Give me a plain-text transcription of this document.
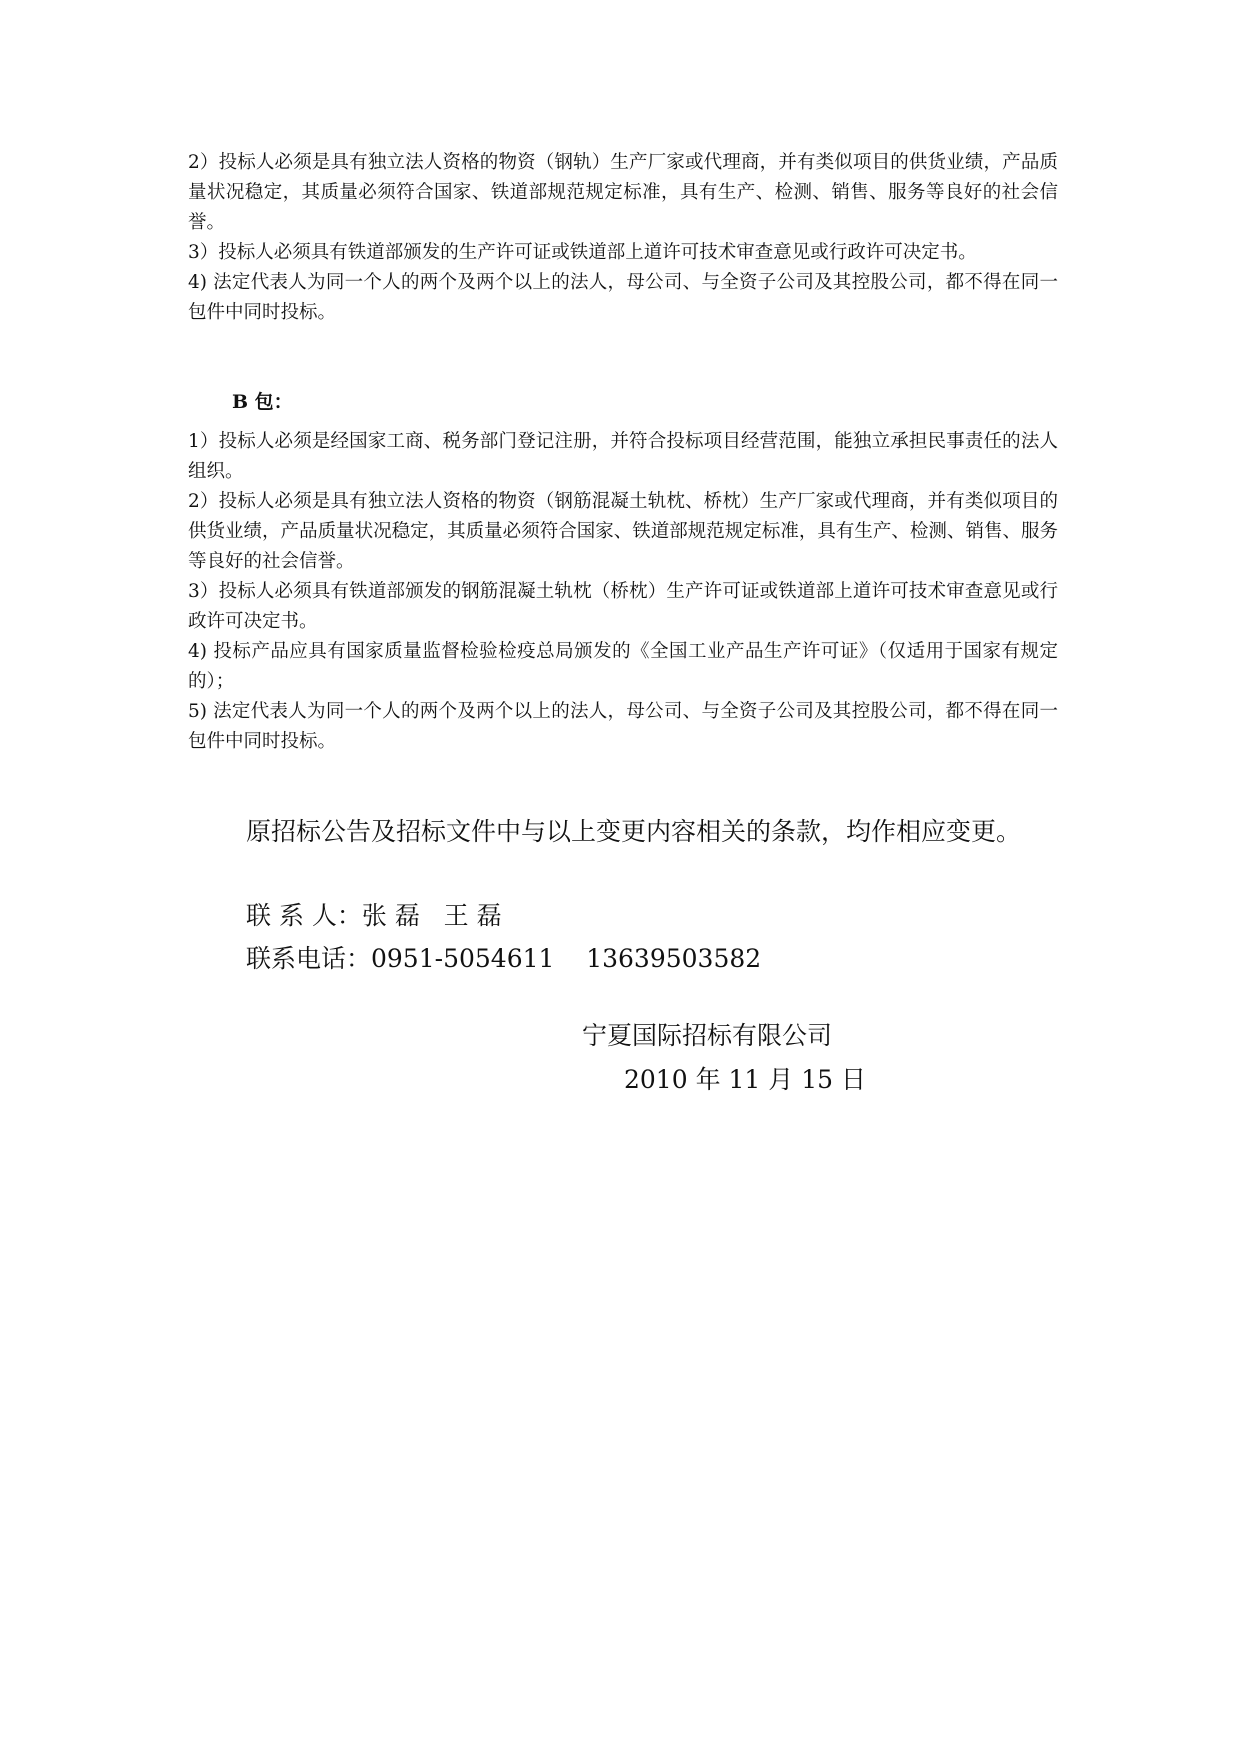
2）投标人必须是具有独立法人资格的物资（钢轨）生产厂家或代理商，并有类似项目的供货业绩，产品质量状况稳定，其质量必须符合国家、铁道部规范规定标准，具有生产、检测、销售、服务等良好的社会信誉。

3）投标人必须具有铁道部颁发的生产许可证或铁道部上道许可技术审查意见或行政许可决定书。

4) 法定代表人为同一个人的两个及两个以上的法人，母公司、与全资子公司及其控股公司，都不得在同一包件中同时投标。

B 包：

1）投标人必须是经国家工商、税务部门登记注册，并符合投标项目经营范围，能独立承担民事责任的法人组织。

2）投标人必须是具有独立法人资格的物资（钢筋混凝土轨枕、桥枕）生产厂家或代理商，并有类似项目的供货业绩，产品质量状况稳定，其质量必须符合国家、铁道部规范规定标准，具有生产、检测、销售、服务等良好的社会信誉。

3）投标人必须具有铁道部颁发的钢筋混凝土轨枕（桥枕）生产许可证或铁道部上道许可技术审查意见或行政许可决定书。

4) 投标产品应具有国家质量监督检验检疫总局颁发的《全国工业产品生产许可证》（仅适用于国家有规定的）；

5) 法定代表人为同一个人的两个及两个以上的法人，母公司、与全资子公司及其控股公司，都不得在同一包件中同时投标。

原招标公告及招标文件中与以上变更内容相关的条款，均作相应变更。
联 系 人：张 磊   王 磊
联系电话：0951-5054611    13639503582
宁夏国际招标有限公司
2010 年 11 月 15 日
